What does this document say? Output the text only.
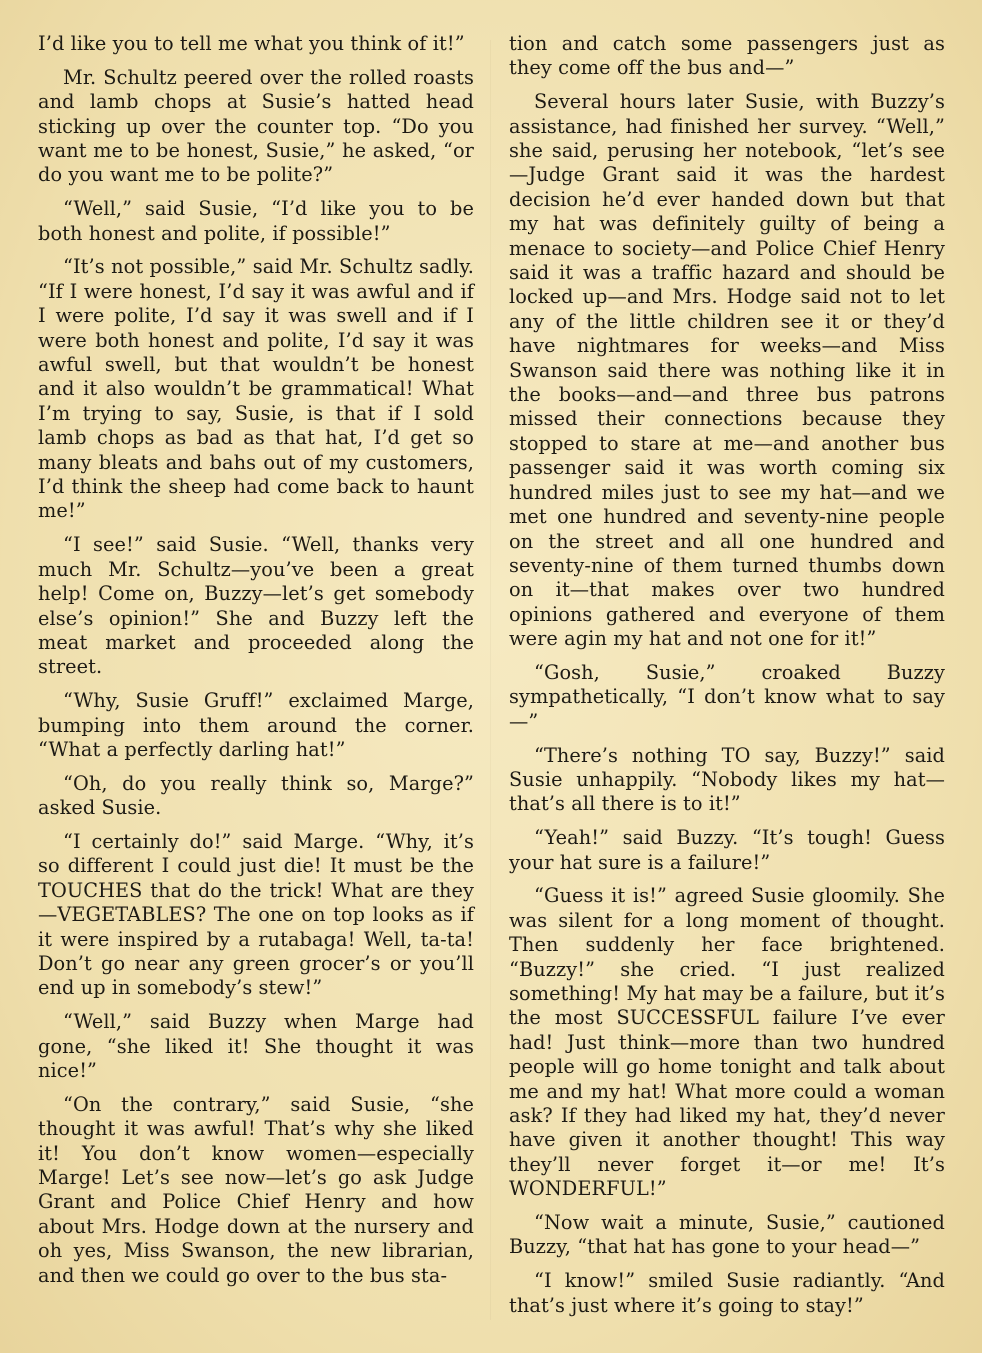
I’d like you to tell me what you think of it!”

Mr. Schultz peered over the rolled roasts and lamb chops at Susie’s hatted head sticking up over the counter top. “Do you want me to be honest, Susie,” he asked, “or do you want me to be polite?”

“Well,” said Susie, “I’d like you to be both honest and polite, if possible!”

“It’s not possible,” said Mr. Schultz sadly. “If I were honest, I’d say it was awful and if I were polite, I’d say it was swell and if I were both honest and polite, I’d say it was awful swell, but that wouldn’t be honest and it also wouldn’t be grammatical! What I’m trying to say, Susie, is that if I sold lamb chops as bad as that hat, I’d get so many bleats and bahs out of my customers, I’d think the sheep had come back to haunt me!”

“I see!” said Susie. “Well, thanks very much Mr. Schultz—you’ve been a great help! Come on, Buzzy—let’s get somebody else’s opinion!” She and Buzzy left the meat market and proceeded along the street.

“Why, Susie Gruff!” exclaimed Marge, bumping into them around the corner. “What a perfectly darling hat!”

“Oh, do you really think so, Marge?” asked Susie.

“I certainly do!” said Marge. “Why, it’s so different I could just die! It must be the TOUCHES that do the trick! What are they—VEGETABLES? The one on top looks as if it were inspired by a rutabaga! Well, ta-ta! Don’t go near any green grocer’s or you’ll end up in somebody’s stew!”

“Well,” said Buzzy when Marge had gone, “she liked it! She thought it was nice!”

“On the contrary,” said Susie, “she thought it was awful! That’s why she liked it! You don’t know women—especially Marge! Let’s see now—let’s go ask Judge Grant and Police Chief Henry and how about Mrs. Hodge down at the nursery and oh yes, Miss Swanson, the new librarian, and then we could go over to the bus sta-

tion and catch some passengers just as they come off the bus and—”

Several hours later Susie, with Buzzy’s assistance, had finished her survey. “Well,” she said, perusing her notebook, “let’s see—Judge Grant said it was the hardest decision he’d ever handed down but that my hat was definitely guilty of being a menace to society—and Police Chief Henry said it was a traffic hazard and should be locked up—and Mrs. Hodge said not to let any of the little children see it or they’d have nightmares for weeks—and Miss Swanson said there was nothing like it in the books—and—and three bus patrons missed their connections because they stopped to stare at me—and another bus passenger said it was worth coming six hundred miles just to see my hat—and we met one hundred and seventy-nine people on the street and all one hundred and seventy-nine of them turned thumbs down on it—that makes over two hundred opinions gathered and everyone of them were agin my hat and not one for it!”

“Gosh, Susie,” croaked Buzzy sympathetically, “I don’t know what to say—”

“There’s nothing TO say, Buzzy!” said Susie unhappily. “Nobody likes my hat—that’s all there is to it!”

“Yeah!” said Buzzy. “It’s tough! Guess your hat sure is a failure!”

“Guess it is!” agreed Susie gloomily. She was silent for a long moment of thought. Then suddenly her face brightened. “Buzzy!” she cried. “I just realized something! My hat may be a failure, but it’s the most SUCCESSFUL failure I’ve ever had! Just think—more than two hundred people will go home tonight and talk about me and my hat! What more could a woman ask? If they had liked my hat, they’d never have given it another thought! This way they’ll never forget it—or me! It’s WONDERFUL!”

“Now wait a minute, Susie,” cautioned Buzzy, “that hat has gone to your head—”

“I know!” smiled Susie radiantly. “And that’s just where it’s going to stay!”
